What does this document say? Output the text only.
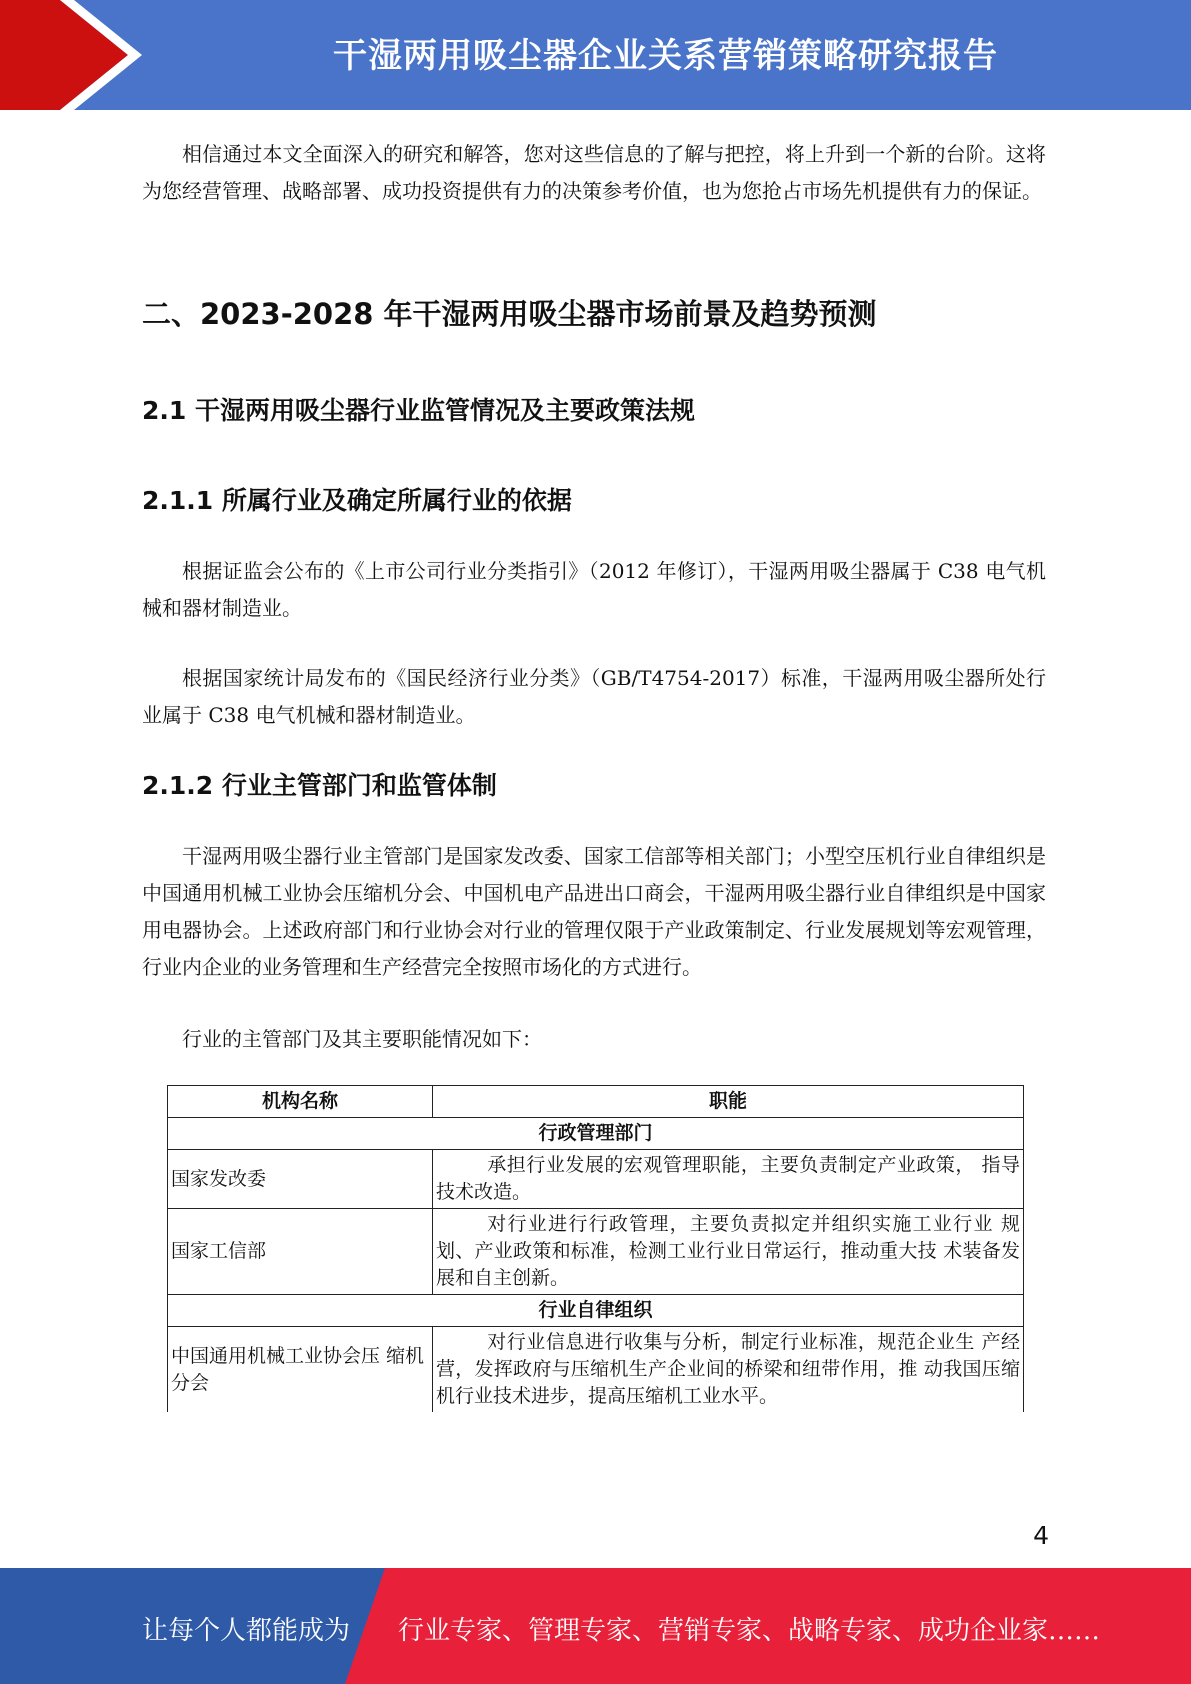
干湿两用吸尘器企业关系营销策略研究报告
相信通过本文全面深入的研究和解答，您对这些信息的了解与把控，将上升到一个新的台阶。这将为您经营管理、战略部署、成功投资提供有力的决策参考价值，也为您抢占市场先机提供有力的保证。
二、2023-2028 年干湿两用吸尘器市场前景及趋势预测
2.1 干湿两用吸尘器行业监管情况及主要政策法规
2.1.1 所属行业及确定所属行业的依据

根据证监会公布的《上市公司行业分类指引》（2012 年修订），干湿两用吸尘器属于 C38 电气机械和器材制造业。

根据国家统计局发布的《国民经济行业分类》（GB/T4754-2017）标准，干湿两用吸尘器所处行业属于 C38 电气机械和器材制造业。

2.1.2 行业主管部门和监管体制

干湿两用吸尘器行业主管部门是国家发改委、国家工信部等相关部门；小型空压机行业自律组织是中国通用机械工业协会压缩机分会、中国机电产品进出口商会，干湿两用吸尘器行业自律组织是中国家用电器协会。上述政府部门和行业协会对行业的管理仅限于产业政策制定、行业发展规划等宏观管理，行业内企业的业务管理和生产经营完全按照市场化的方式进行。

行业的主管部门及其主要职能情况如下：

机构名称	职能
行政管理部门	
国家发改委	承担行业发展的宏观管理职能，主要负责制定产业政策， 指导技术改造。
国家工信部	对行业进行行政管理，主要负责拟定并组织实施工业行业 规划、产业政策和标准，检测工业行业日常运行，推动重大技 术装备发展和自主创新。
行业自律组织	
中国通用机械工业协会压 缩机分会	对行业信息进行收集与分析，制定行业标准，规范企业生 产经营，发挥政府与压缩机生产企业间的桥梁和纽带作用，推 动我国压缩机行业技术进步，提高压缩机工业水平。
4
让每个人都能成为 行业专家、管理专家、营销专家、战略专家、成功企业家……
